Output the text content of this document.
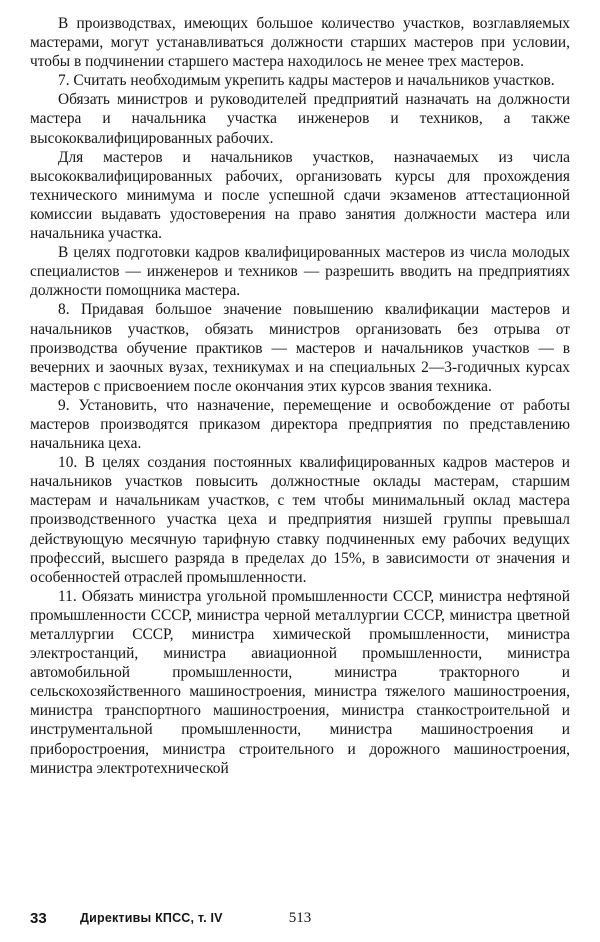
В производствах, имеющих большое количество участков, возглавляемых мастерами, могут устанавливаться должности старших мастеров при условии, чтобы в подчинении старшего мастера находилось не менее трех мастеров.

7. Считать необходимым укрепить кадры мастеров и начальников участков.

Обязать министров и руководителей предприятий назначать на должности мастера и начальника участка инженеров и техников, а также высококвалифицированных рабочих.

Для мастеров и начальников участков, назначаемых из числа высококвалифицированных рабочих, организовать курсы для прохождения технического минимума и после успешной сдачи экзаменов аттестационной комиссии выдавать удостоверения на право занятия должности мастера или начальника участка.

В целях подготовки кадров квалифицированных мастеров из числа молодых специалистов — инженеров и техников — разрешить вводить на предприятиях должности помощника мастера.

8. Придавая большое значение повышению квалификации мастеров и начальников участков, обязать министров организовать без отрыва от производства обучение практиков — мастеров и начальников участков — в вечерних и заочных вузах, техникумах и на специальных 2—3-годичных курсах мастеров с присвоением после окончания этих курсов звания техника.

9. Установить, что назначение, перемещение и освобождение от работы мастеров производятся приказом директора предприятия по представлению начальника цеха.

10. В целях создания постоянных квалифицированных кадров мастеров и начальников участков повысить должностные оклады мастерам, старшим мастерам и начальникам участков, с тем чтобы минимальный оклад мастера производственного участка цеха и предприятия низшей группы превышал действующую месячную тарифную ставку подчиненных ему рабочих ведущих профессий, высшего разряда в пределах до 15%, в зависимости от значения и особенностей отраслей промышленности.

11. Обязать министра угольной промышленности СССР, министра нефтяной промышленности СССР, министра черной металлургии СССР, министра цветной металлургии СССР, министра химической промышленности, министра электростанций, министра авиационной промышленности, министра автомобильной промышленности, министра тракторного и сельскохозяйственного машиностроения, министра тяжелого машиностроения, министра транспортного машиностроения, министра станкостроительной и инструментальной промышленности, министра машиностроения и приборостроения, министра строительного и дорожного машиностроения, министра электротехнической

33	Директивы КПСС, т. IV	513
